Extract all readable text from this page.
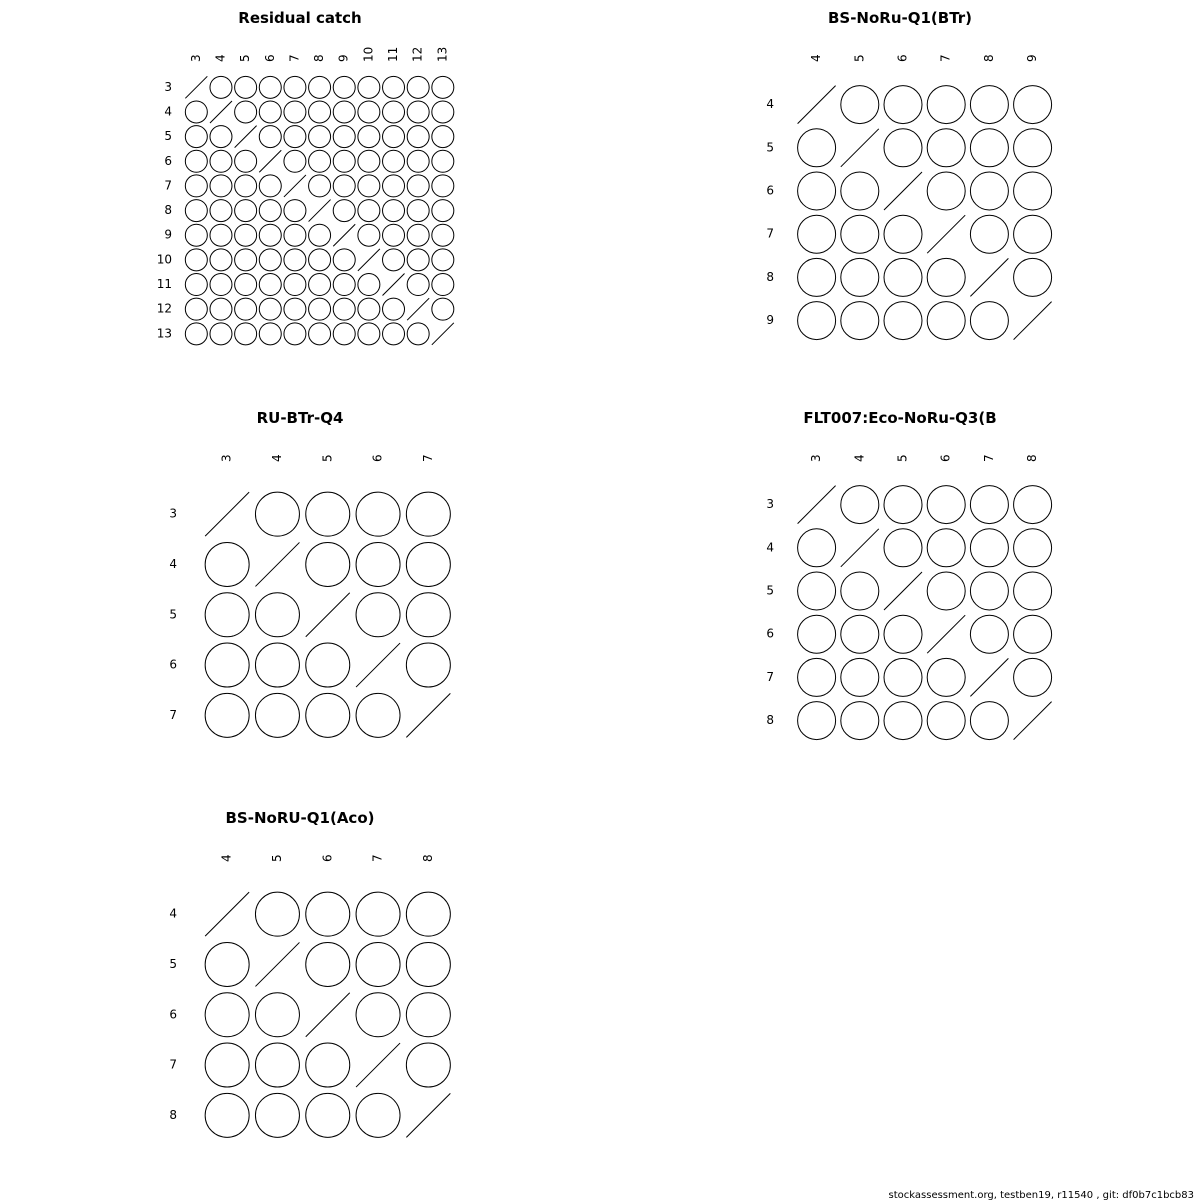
Residual catch
3
3
4
4
5
5
6
6
7
7
8
8
9
9
10
10
11
11
12
12
13
13
BS-NoRu-Q1(BTr)
4
4
5
5
6
6
7
7
8
8
9
9
RU-BTr-Q4
3
3
4
4
5
5
6
6
7
7
FLT007:Eco-NoRu-Q3(B
3
3
4
4
5
5
6
6
7
7
8
8
BS-NoRU-Q1(Aco)
4
4
5
5
6
6
7
7
8
8
stockassessment.org, testben19, r11540 , git: df0b7c1bcb83
